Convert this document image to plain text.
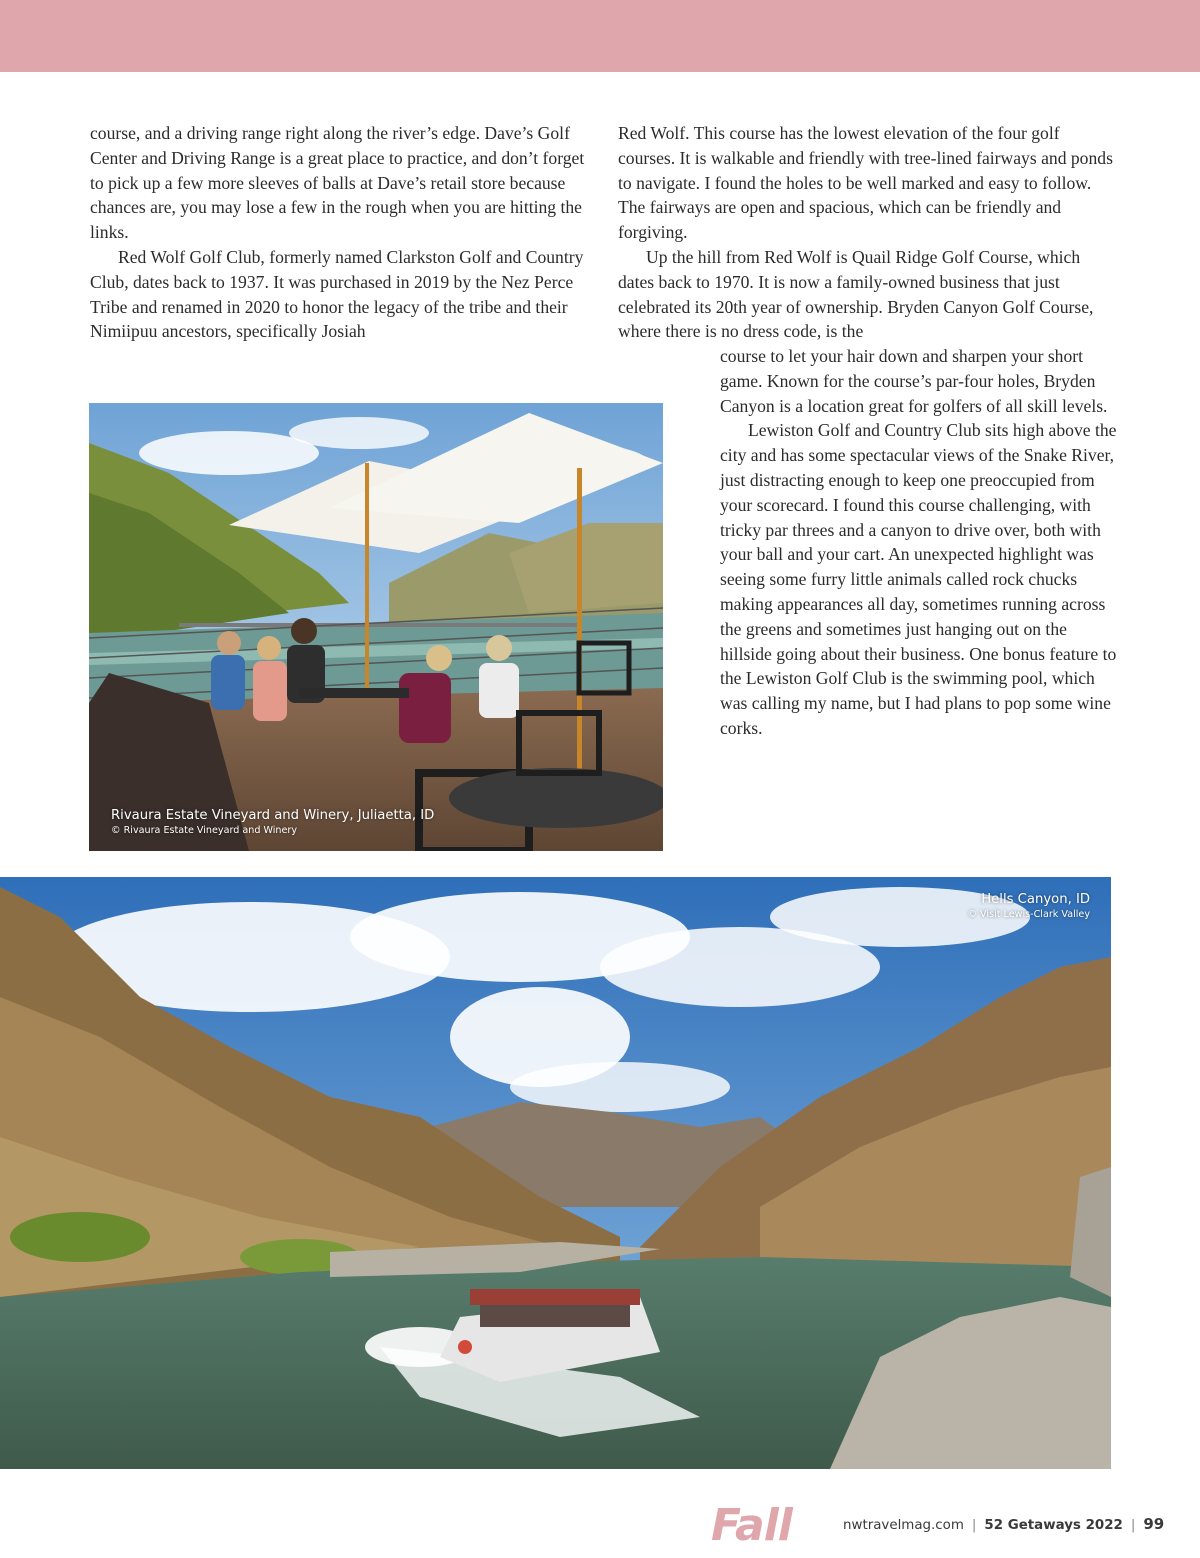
course, and a driving range right along the river’s edge. Dave’s Golf Center and Driving Range is a great place to practice, and don’t forget to pick up a few more sleeves of balls at Dave’s retail store because chances are, you may lose a few in the rough when you are hitting the links.

Red Wolf Golf Club, formerly named Clarkston Golf and Country Club, dates back to 1937. It was purchased in 2019 by the Nez Perce Tribe and renamed in 2020 to honor the legacy of the tribe and their Nimiipuu ancestors, specifically Josiah

Red Wolf. This course has the lowest elevation of the four golf courses. It is walkable and friendly with tree-lined fairways and ponds to navigate. I found the holes to be well marked and easy to follow. The fairways are open and spacious, which can be friendly and forgiving.

Up the hill from Red Wolf is Quail Ridge Golf Course, which dates back to 1970. It is now a family-owned business that just celebrated its 20th year of ownership. Bryden Canyon Golf Course, where there is no dress code, is the

course to let your hair down and sharpen your short game. Known for the course’s par-four holes, Bryden Canyon is a location great for golfers of all skill levels.

Lewiston Golf and Country Club sits high above the city and has some spectacular views of the Snake River, just distracting enough to keep one preoccupied from your scorecard. I found this course challenging, with tricky par threes and a canyon to drive over, both with your ball and your cart. An unexpected highlight was seeing some furry little animals called rock chucks making appearances all day, sometimes running across the greens and sometimes just hanging out on the hillside going about their business. One bonus feature to the Lewiston Golf Club is the swimming pool, which was calling my name, but I had plans to pop some wine corks.

Rivaura Estate Vineyard and Winery, Juliaetta, ID
© Rivaura Estate Vineyard and Winery
Hells Canyon, ID
© Visit Lewis-Clark Valley
Fall	nwtravelmag.com | 52 Getaways 2022 | 99
